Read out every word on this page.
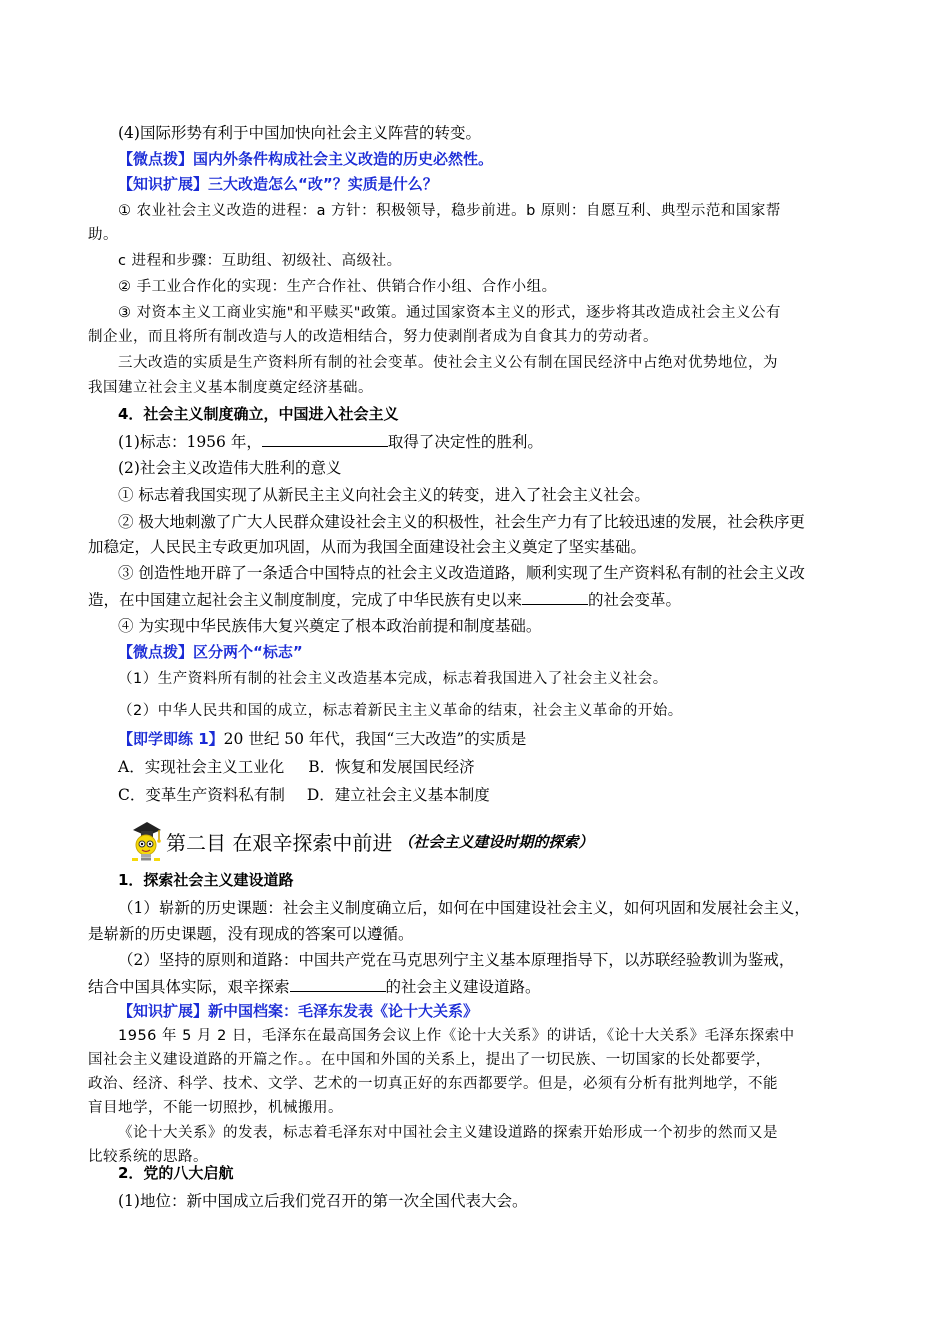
(4)国际形势有利于中国加快向社会主义阵营的转变。
【微点拨】国内外条件构成社会主义改造的历史必然性。
【知识扩展】三大改造怎么“改”？实质是什么？
① 农业社会主义改造的进程：a 方针：积极领导，稳步前进。b 原则：自愿互利、典型示范和国家帮
助。
c 进程和步骤：互助组、初级社、高级社。
② 手工业合作化的实现：生产合作社、供销合作小组、合作小组。
③ 对资本主义工商业实施"和平赎买"政策。通过国家资本主义的形式，逐步将其改造成社会主义公有
制企业，而且将所有制改造与人的改造相结合，努力使剥削者成为自食其力的劳动者。
三大改造的实质是生产资料所有制的社会变革。使社会主义公有制在国民经济中占绝对优势地位，为
我国建立社会主义基本制度奠定经济基础。
4．社会主义制度确立，中国进入社会主义
(1)标志：1956 年，	取得了决定性的胜利。
(2)社会主义改造伟大胜利的意义
① 标志着我国实现了从新民主主义向社会主义的转变，进入了社会主义社会。
② 极大地刺激了广大人民群众建设社会主义的积极性，社会生产力有了比较迅速的发展，社会秩序更
加稳定，人民民主专政更加巩固，从而为我国全面建设社会主义奠定了坚实基础。
③ 创造性地开辟了一条适合中国特点的社会主义改造道路，顺利实现了生产资料私有制的社会主义改
造，在中国建立起社会主义制度制度，完成了中华民族有史以来	的社会变革。
④ 为实现中华民族伟大复兴奠定了根本政治前提和制度基础。
【微点拨】区分两个“标志”
（1）生产资料所有制的社会主义改造基本完成，标志着我国进入了社会主义社会。
（2）中华人民共和国的成立，标志着新民主主义革命的结束，社会主义革命的开始。
【即学即练 1】20 世纪 50 年代，我国“三大改造”的实质是
A．实现社会主义工业化 B．恢复和发展国民经济
C．变革生产资料私有制 D．建立社会主义基本制度
第二目 在艰辛探索中前进 （社会主义建设时期的探索）
1．探索社会主义建设道路
（1）崭新的历史课题：社会主义制度确立后，如何在中国建设社会主义，如何巩固和发展社会主义，
是崭新的历史课题，没有现成的答案可以遵循。
（2）坚持的原则和道路：中国共产党在马克思列宁主义基本原理指导下，以苏联经验教训为鉴戒，
结合中国具体实际，艰辛探索	的社会主义建设道路。
【知识扩展】新中国档案：毛泽东发表《论十大关系》
1956 年 5 月 2 日，毛泽东在最高国务会议上作《论十大关系》的讲话，《论十大关系》毛泽东探索中
国社会主义建设道路的开篇之作。。在中国和外国的关系上，提出了一切民族、一切国家的长处都要学，
政治、经济、科学、技术、文学、艺术的一切真正好的东西都要学。但是，必须有分析有批判地学，不能
盲目地学，不能一切照抄，机械搬用。
《论十大关系》的发表，标志着毛泽东对中国社会主义建设道路的探索开始形成一个初步的然而又是
比较系统的思路。
2．党的八大启航
(1)地位：新中国成立后我们党召开的第一次全国代表大会。
